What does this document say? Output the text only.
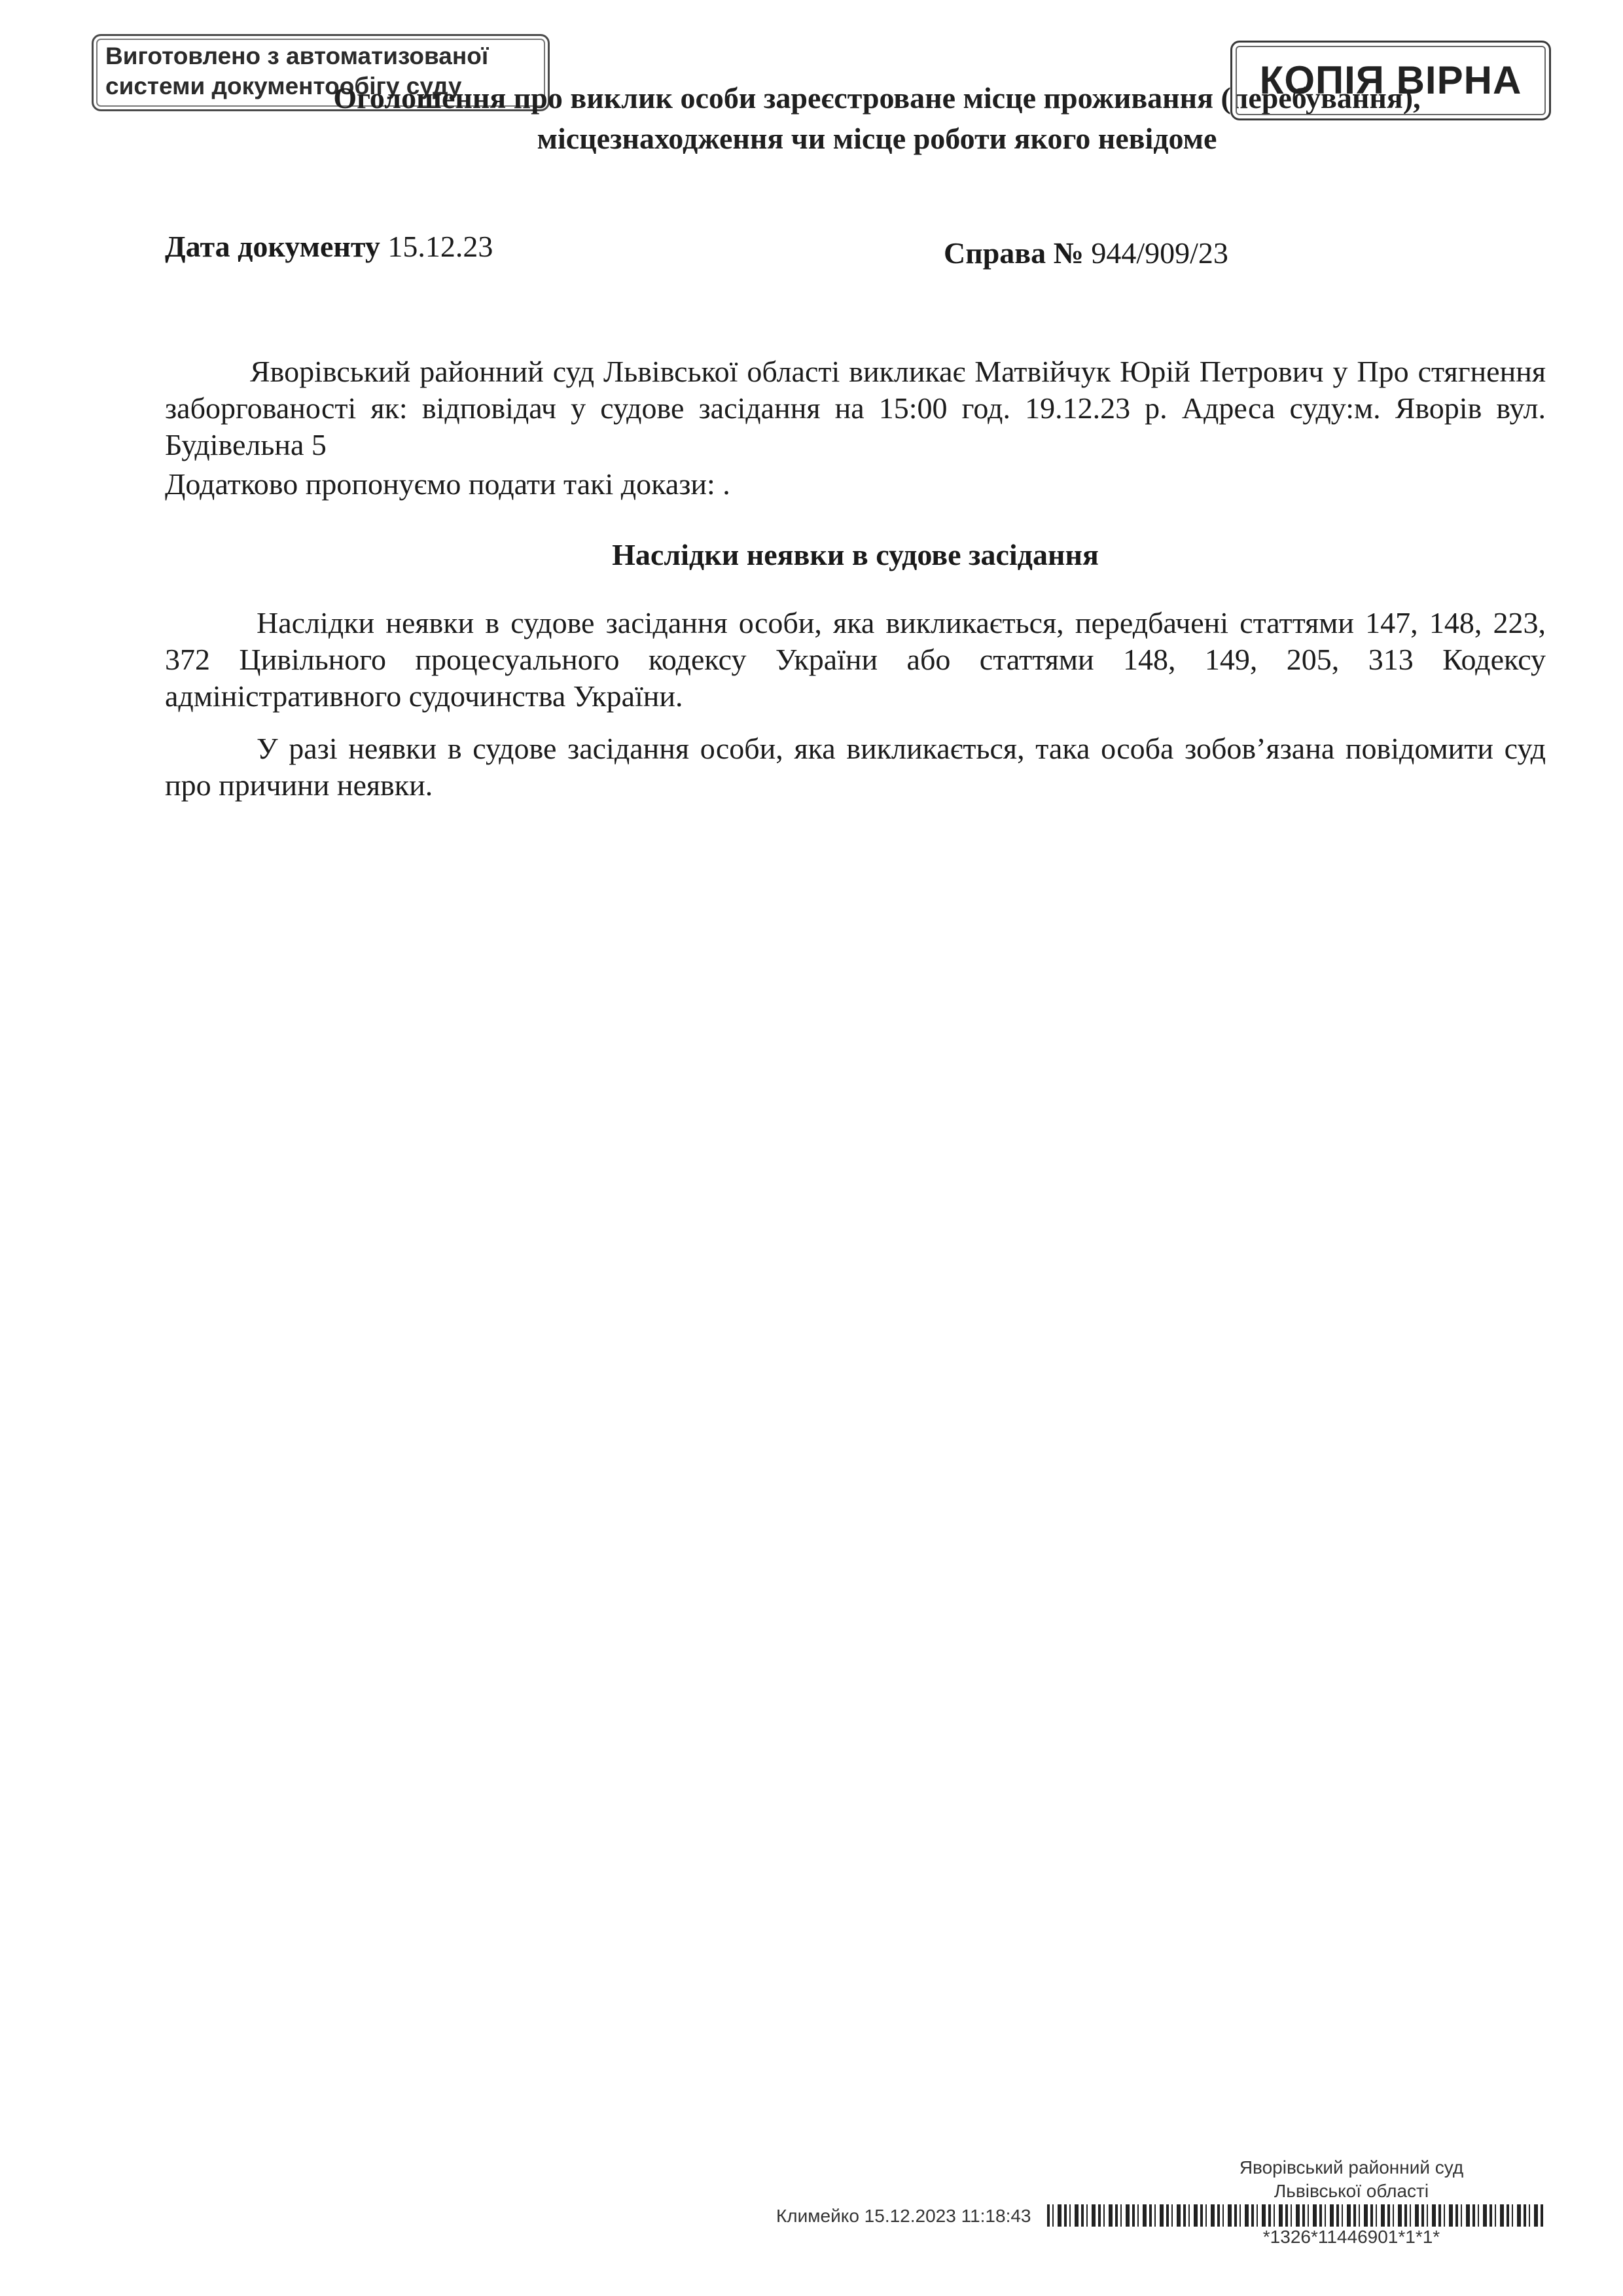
Виготовлено з автоматизованої
системи документообігу суду
Оголошення про виклик особи зареєстроване місце проживання (перебування),
місцезнаходження чи місце роботи якого невідоме
КОПІЯ ВІРНА
Дата документу 15.12.23	Справа № 944/909/23
Яворівський районний суд Львівської області викликає Матвійчук Юрій Петрович у Про стягнення заборгованості як: відповідач у судове засідання на 15:00 год. 19.12.23 р. Адреса суду:м. Яворів вул. Будівельна 5
Додатково пропонуємо подати такі докази: .
Наслідки неявки в судове засідання
Наслідки неявки в судове засідання особи, яка викликається, передбачені статтями 147, 148, 223, 372 Цивільного процесуального кодексу України або статтями 148, 149, 205, 313 Кодексу адміністративного судочинства України.
У разі неявки в судове засідання особи, яка викликається, така особа зобов’язана повідомити суд про причини неявки.
Яворівський районний суд
Львівської області
Климейко 15.12.2023 11:18:43
*1326*11446901*1*1*
